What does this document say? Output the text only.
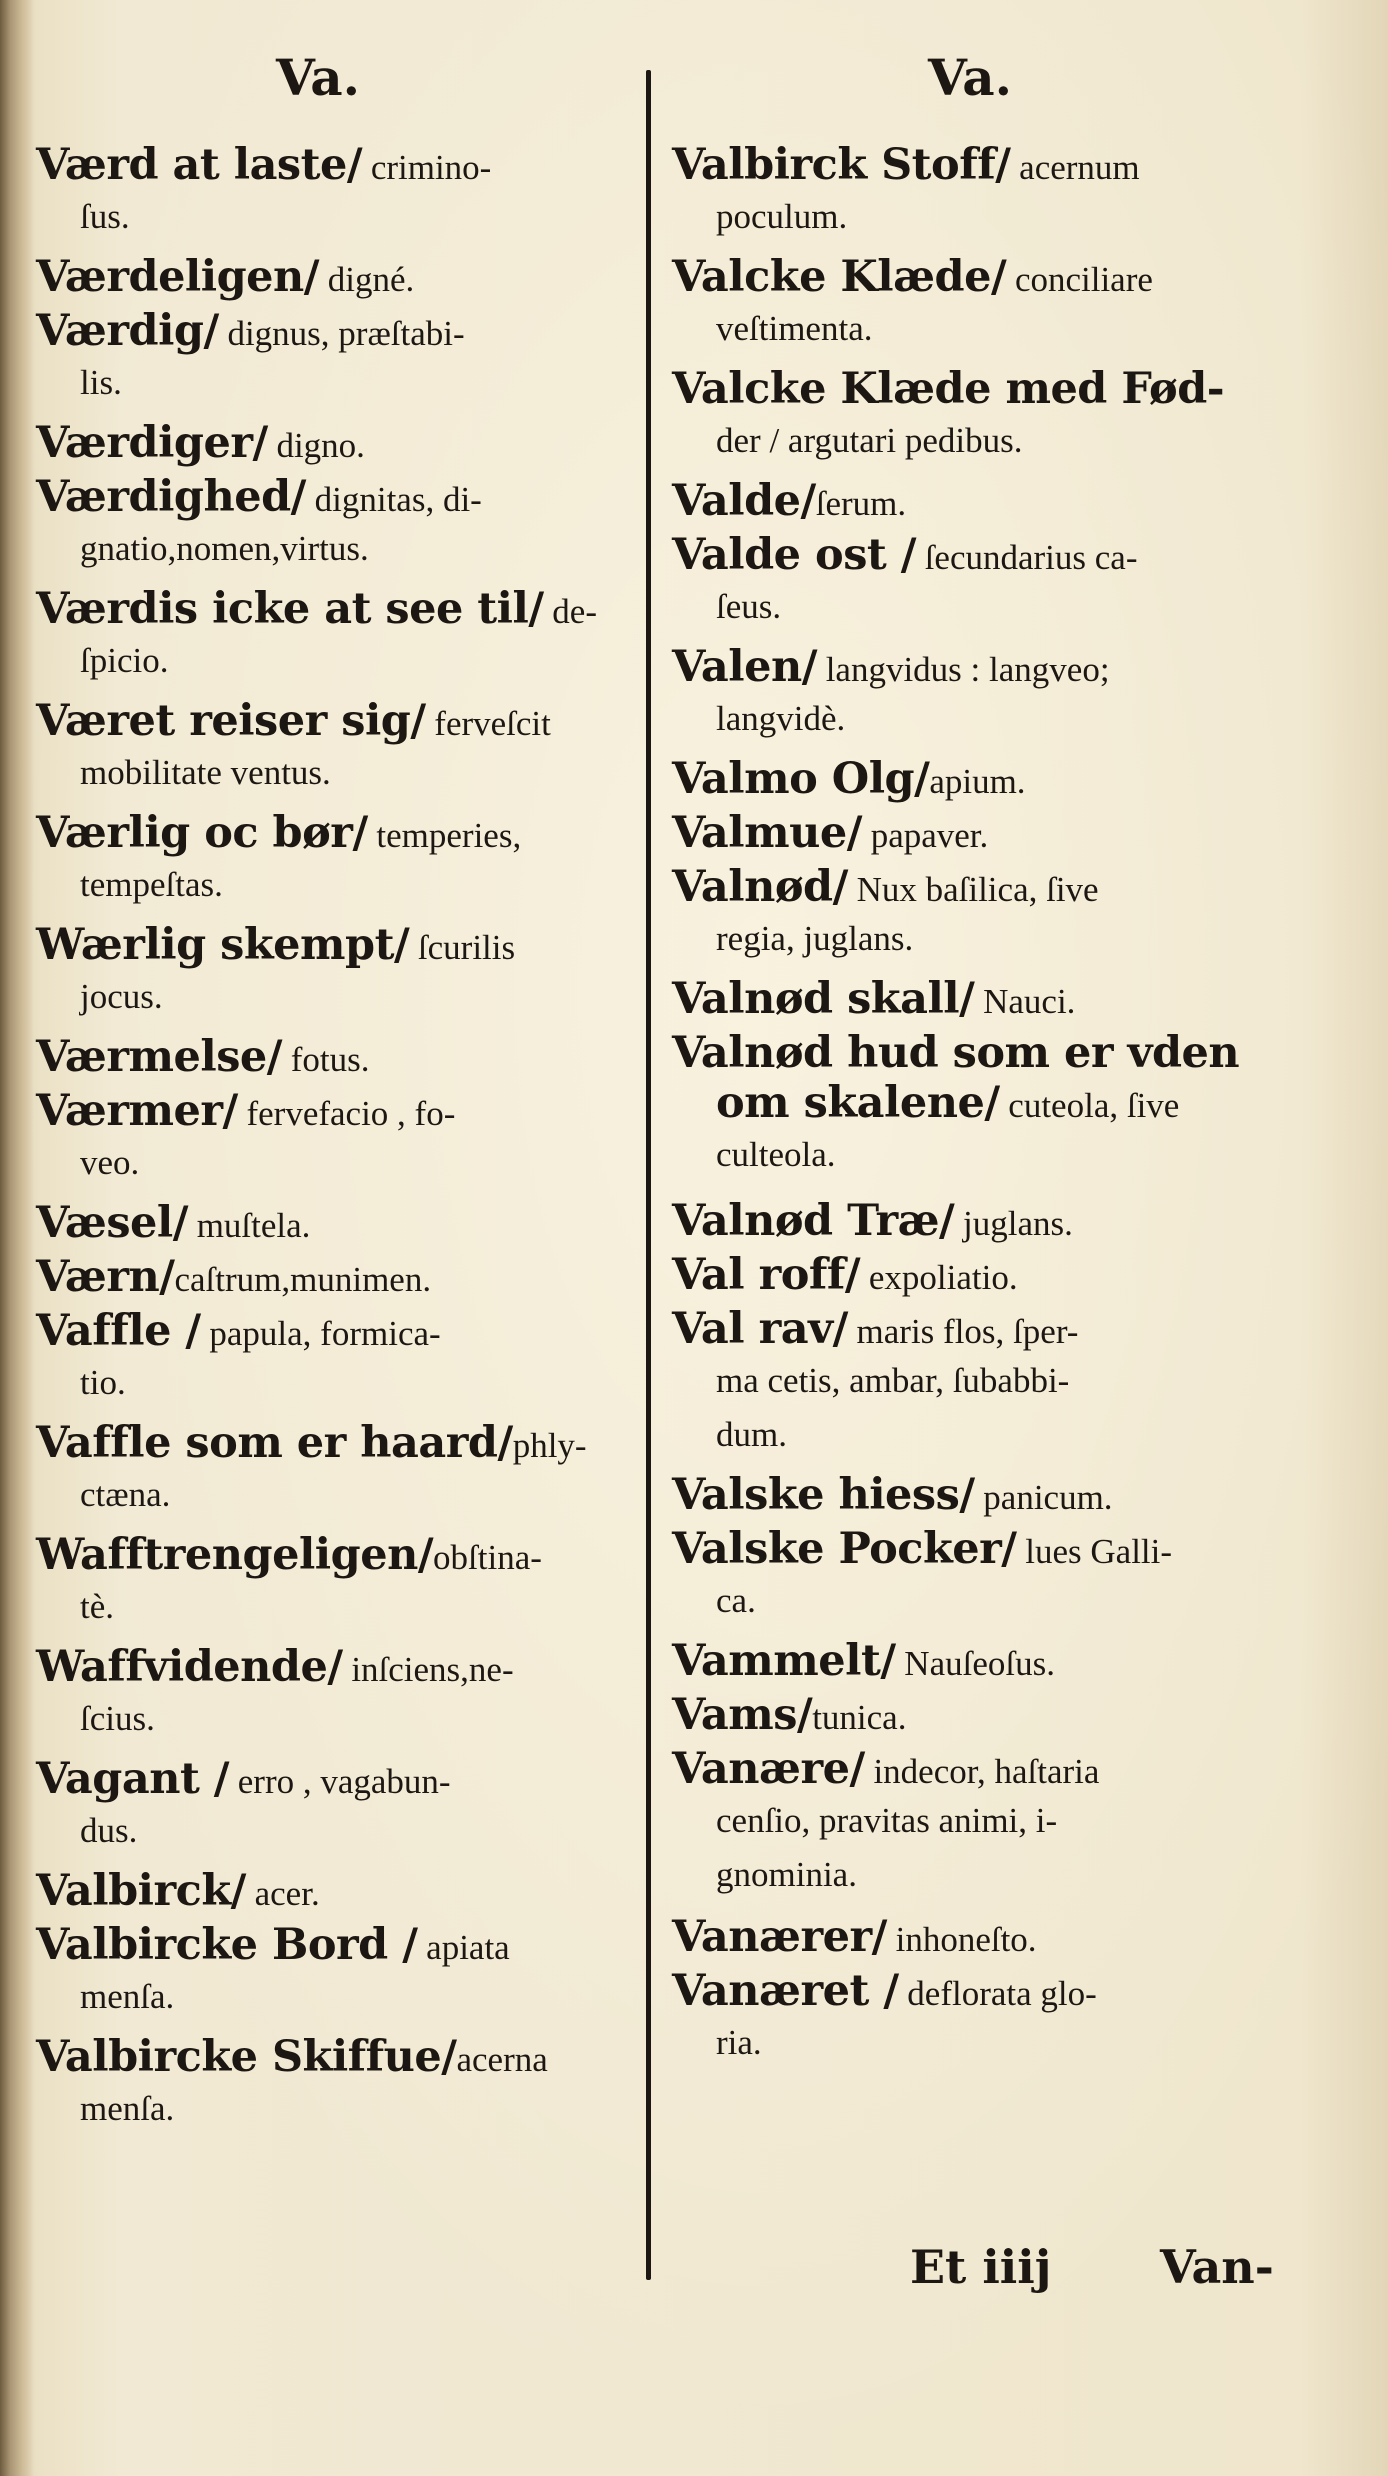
Va.
Værd at laste/ crimino-
ſus.
Værdeligen/ digné.
Værdig/ dignus, præſtabi-
lis.
Værdiger/ digno.
Værdighed/ dignitas, di-
gnatio,nomen,virtus.
Værdis icke at see til/ de-
ſpicio.
Været reiser sig/ ferveſcit
mobilitate ventus.
Værlig oc bør/ temperies,
tempeſtas.
Wærlig skempt/ ſcurilis
jocus.
Værmelse/ fotus.
Værmer/ fervefacio , fo-
veo.
Væsel/ muſtela.
Værn/caſtrum,munimen.
Vaffle / papula, formica-
tio.
Vaffle som er haard/phly-
ctæna.
Wafftrengeligen/obſtina-
tè.
Waffvidende/ inſciens,ne-
ſcius.
Vagant / erro , vagabun-
dus.
Valbirck/ acer.
Valbircke Bord / apiata
menſa.
Valbircke Skiffue/acerna
menſa.
Va.
Valbirck Stoff/ acernum
poculum.
Valcke Klæde/ conciliare
veſtimenta.
Valcke Klæde med Fød-
der / argutari pedibus.
Valde/ſerum.
Valde ost / ſecundarius ca-
ſeus.
Valen/ langvidus : langveo;
langvidè.
Valmo Olg/apium.
Valmue/ papaver.
Valnød/ Nux baſilica, ſive
regia, juglans.
Valnød skall/ Nauci.
Valnød hud som er vden
om skalene/ cuteola, ſive
culteola.
Valnød Træ/ juglans.
Val roff/ expoliatio.
Val rav/ maris flos, ſper-
ma cetis, ambar, ſubabbi-
dum.
Valske hiess/ panicum.
Valske Pocker/ lues Galli-
ca.
Vammelt/ Nauſeoſus.
Vams/tunica.
Vanære/ indecor, haſtaria
cenſio, pravitas animi, i-
gnominia.
Vanærer/ inhoneſto.
Vanæret / deflorata glo-
ria.
Et iiij Van-
